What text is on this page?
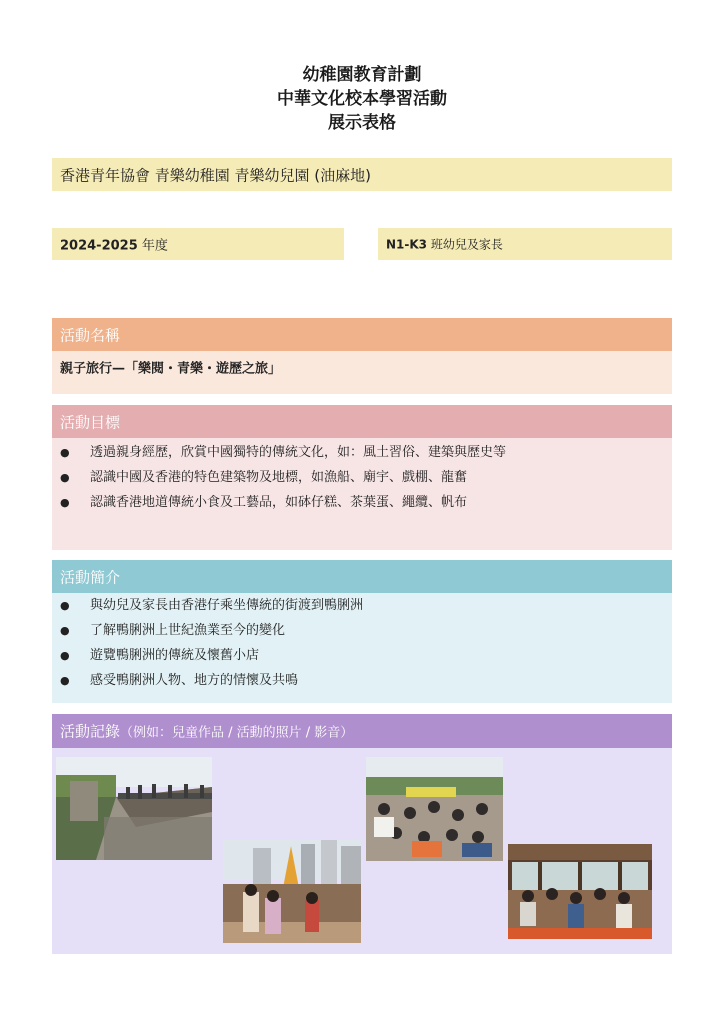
幼稚園教育計劃
中華文化校本學習活動
展示表格
香港青年協會 青樂幼稚園 青樂幼兒園 (油麻地)
2024-2025 年度	N1-K3 班幼兒及家長
活動名稱
親子旅行—「樂閱・青樂・遊歷之旅」
活動目標
● 透過親身經歷，欣賞中國獨特的傳統文化，如：風土習俗、建築與歷史等
● 認識中國及香港的特色建築物及地標，如漁船、廟宇、戲棚、龍奮
● 認識香港地道傳統小食及工藝品，如砵仔糕、茶葉蛋、繩纜、帆布
活動簡介
● 與幼兒及家長由香港仔乘坐傳統的街渡到鴨脷洲
● 了解鴨脷洲上世紀漁業至今的變化
● 遊覽鴨脷洲的傳統及懷舊小店
● 感受鴨脷洲人物、地方的情懷及共鳴
活動記錄（例如：兒童作品 / 活動的照片 / 影音）
